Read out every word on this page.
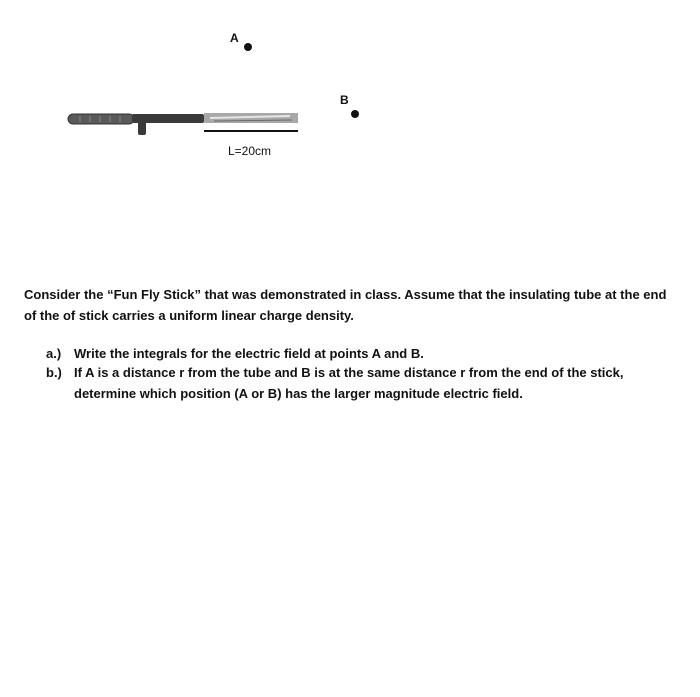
A
B
L=20cm

Consider the “Fun Fly Stick” that was demonstrated in class. Assume that the insulating tube at the end of the of stick carries a uniform linear charge density.

a.) Write the integrals for the electric field at points A and B.
b.) If A is a distance r from the tube and B is at the same distance r from the end of the stick,
determine which position (A or B) has the larger magnitude electric field.
